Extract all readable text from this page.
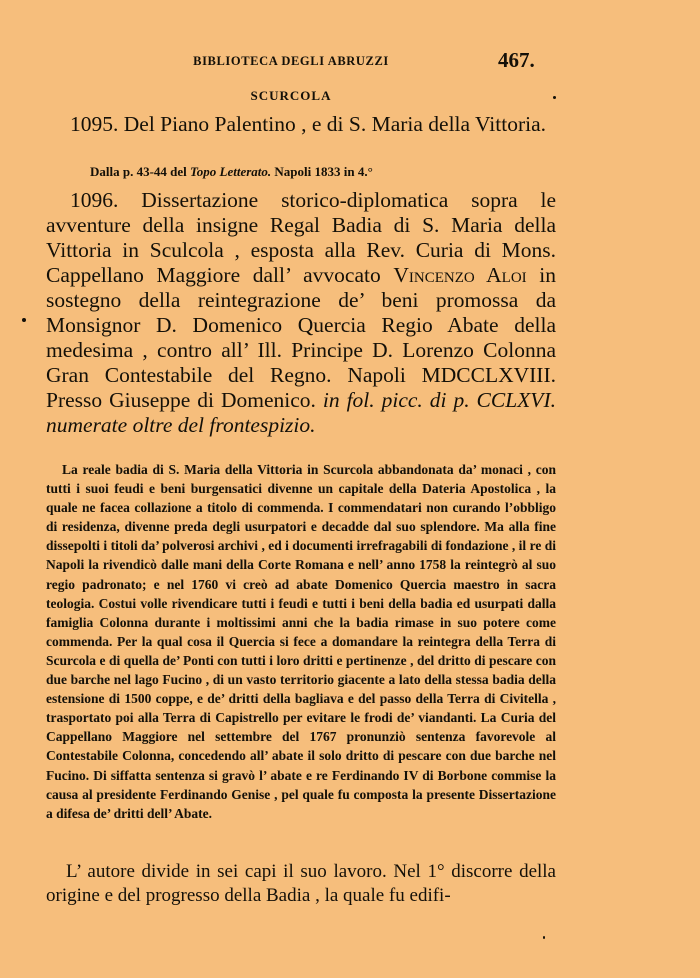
BIBLIOTECA DEGLI ABRUZZI	467.
SCURCOLA
1095. Del Piano Palentino , e di S. Maria della Vittoria.
Dalla p. 43-44 del Topo Letterato. Napoli 1833 in 4.°
1096. Dissertazione storico-diplomatica sopra le avventure della insigne Regal Badia di S. Maria della Vittoria in Sculcola , esposta alla Rev. Curia di Mons. Cappellano Maggiore dall’ avvocato Vincenzo Aloi in sostegno della reintegrazione de’ beni promossa da Monsignor D. Domenico Quercia Regio Abate della medesima , contro all’ Ill. Principe D. Lorenzo Colonna Gran Contestabile del Regno. Napoli MDCCLXVIII. Presso Giuseppe di Domenico. in fol. picc. di p. CCLXVI. numerate oltre del frontespizio.
La reale badia di S. Maria della Vittoria in Scurcola abbandonata da’ monaci , con tutti i suoi feudi e beni burgensatici divenne un capitale della Dateria Apostolica , la quale ne facea collazione a titolo di commenda. I commendatari non curando l’obbligo di residenza, divenne preda degli usurpatori e decadde dal suo splendore. Ma alla fine dissepolti i titoli da’ polverosi archivi , ed i documenti irrefragabili di fondazione , il re di Napoli la rivendicò dalle mani della Corte Romana e nell’ anno 1758 la reintegrò al suo regio padronato; e nel 1760 vi creò ad abate Domenico Quercia maestro in sacra teologia. Costui volle rivendicare tutti i feudi e tutti i beni della badia ed usurpati dalla famiglia Colonna durante i moltissimi anni che la badia rimase in suo potere come commenda. Per la qual cosa il Quercia si fece a domandare la reintegra della Terra di Scurcola e di quella de’ Ponti con tutti i loro dritti e pertinenze , del dritto di pescare con due barche nel lago Fucino , di un vasto territorio giacente a lato della stessa badia della estensione di 1500 coppe, e de’ dritti della bagliava e del passo della Terra di Civitella , trasportato poi alla Terra di Capistrello per evitare le frodi de’ viandanti. La Curia del Cappellano Maggiore nel settembre del 1767 pronunziò sentenza favorevole al Contestabile Colonna, concedendo all’ abate il solo dritto di pescare con due barche nel Fucino. Di siffatta sentenza si gravò l’ abate e re Ferdinando IV di Borbone commise la causa al presidente Ferdinando Genise , pel quale fu composta la presente Dissertazione a difesa de’ dritti dell’ Abate.
L’ autore divide in sei capi il suo lavoro. Nel 1° discorre della origine e del progresso della Badia , la quale fu edifi-
